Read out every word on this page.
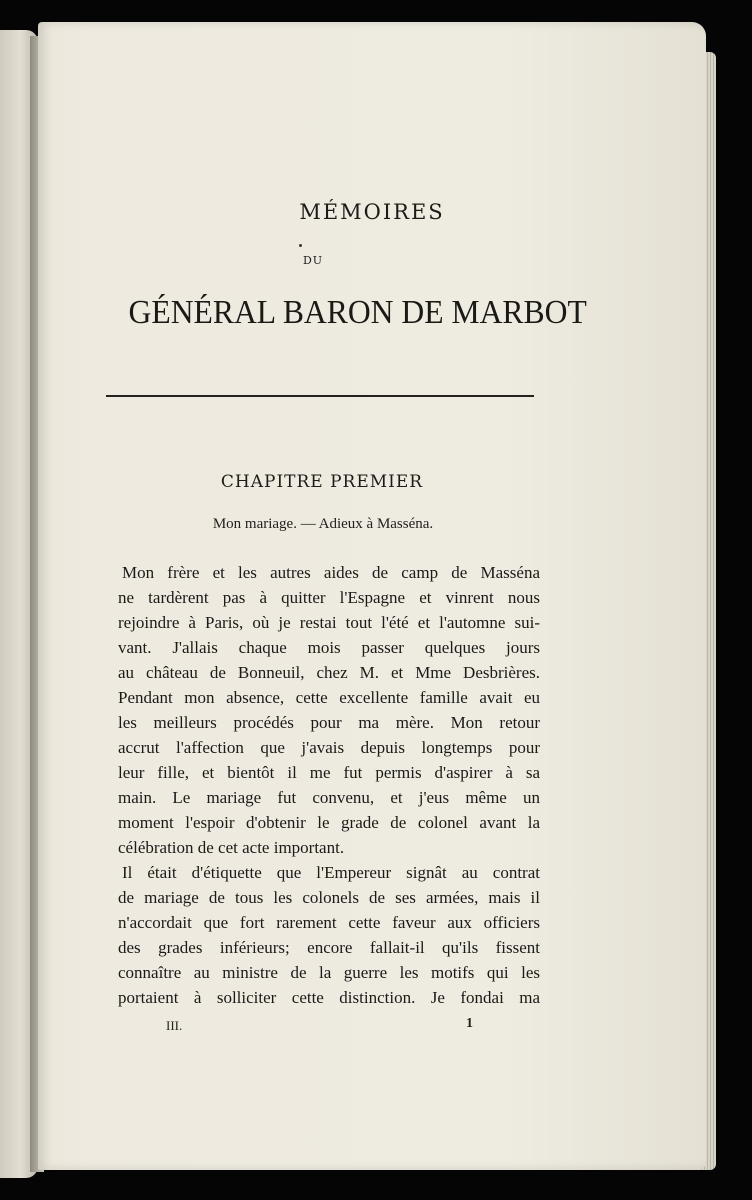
MÉMOIRES
DU
GÉNÉRAL BARON DE MARBOT
CHAPITRE PREMIER
Mon mariage. — Adieux à Masséna.
Mon frère et les autres aides de camp de Masséna
ne tardèrent pas à quitter l'Espagne et vinrent nous
rejoindre à Paris, où je restai tout l'été et l'automne sui-
vant. J'allais chaque mois passer quelques jours
au château de Bonneuil, chez M. et Mme Desbrières.
Pendant mon absence, cette excellente famille avait eu
les meilleurs procédés pour ma mère. Mon retour
accrut l'affection que j'avais depuis longtemps pour
leur fille, et bientôt il me fut permis d'aspirer à sa
main. Le mariage fut convenu, et j'eus même un
moment l'espoir d'obtenir le grade de colonel avant la
célébration de cet acte important.
Il était d'étiquette que l'Empereur signât au contrat
de mariage de tous les colonels de ses armées, mais il
n'accordait que fort rarement cette faveur aux officiers
des grades inférieurs; encore fallait-il qu'ils fissent
connaître au ministre de la guerre les motifs qui les
portaient à solliciter cette distinction. Je fondai ma
III.	1
